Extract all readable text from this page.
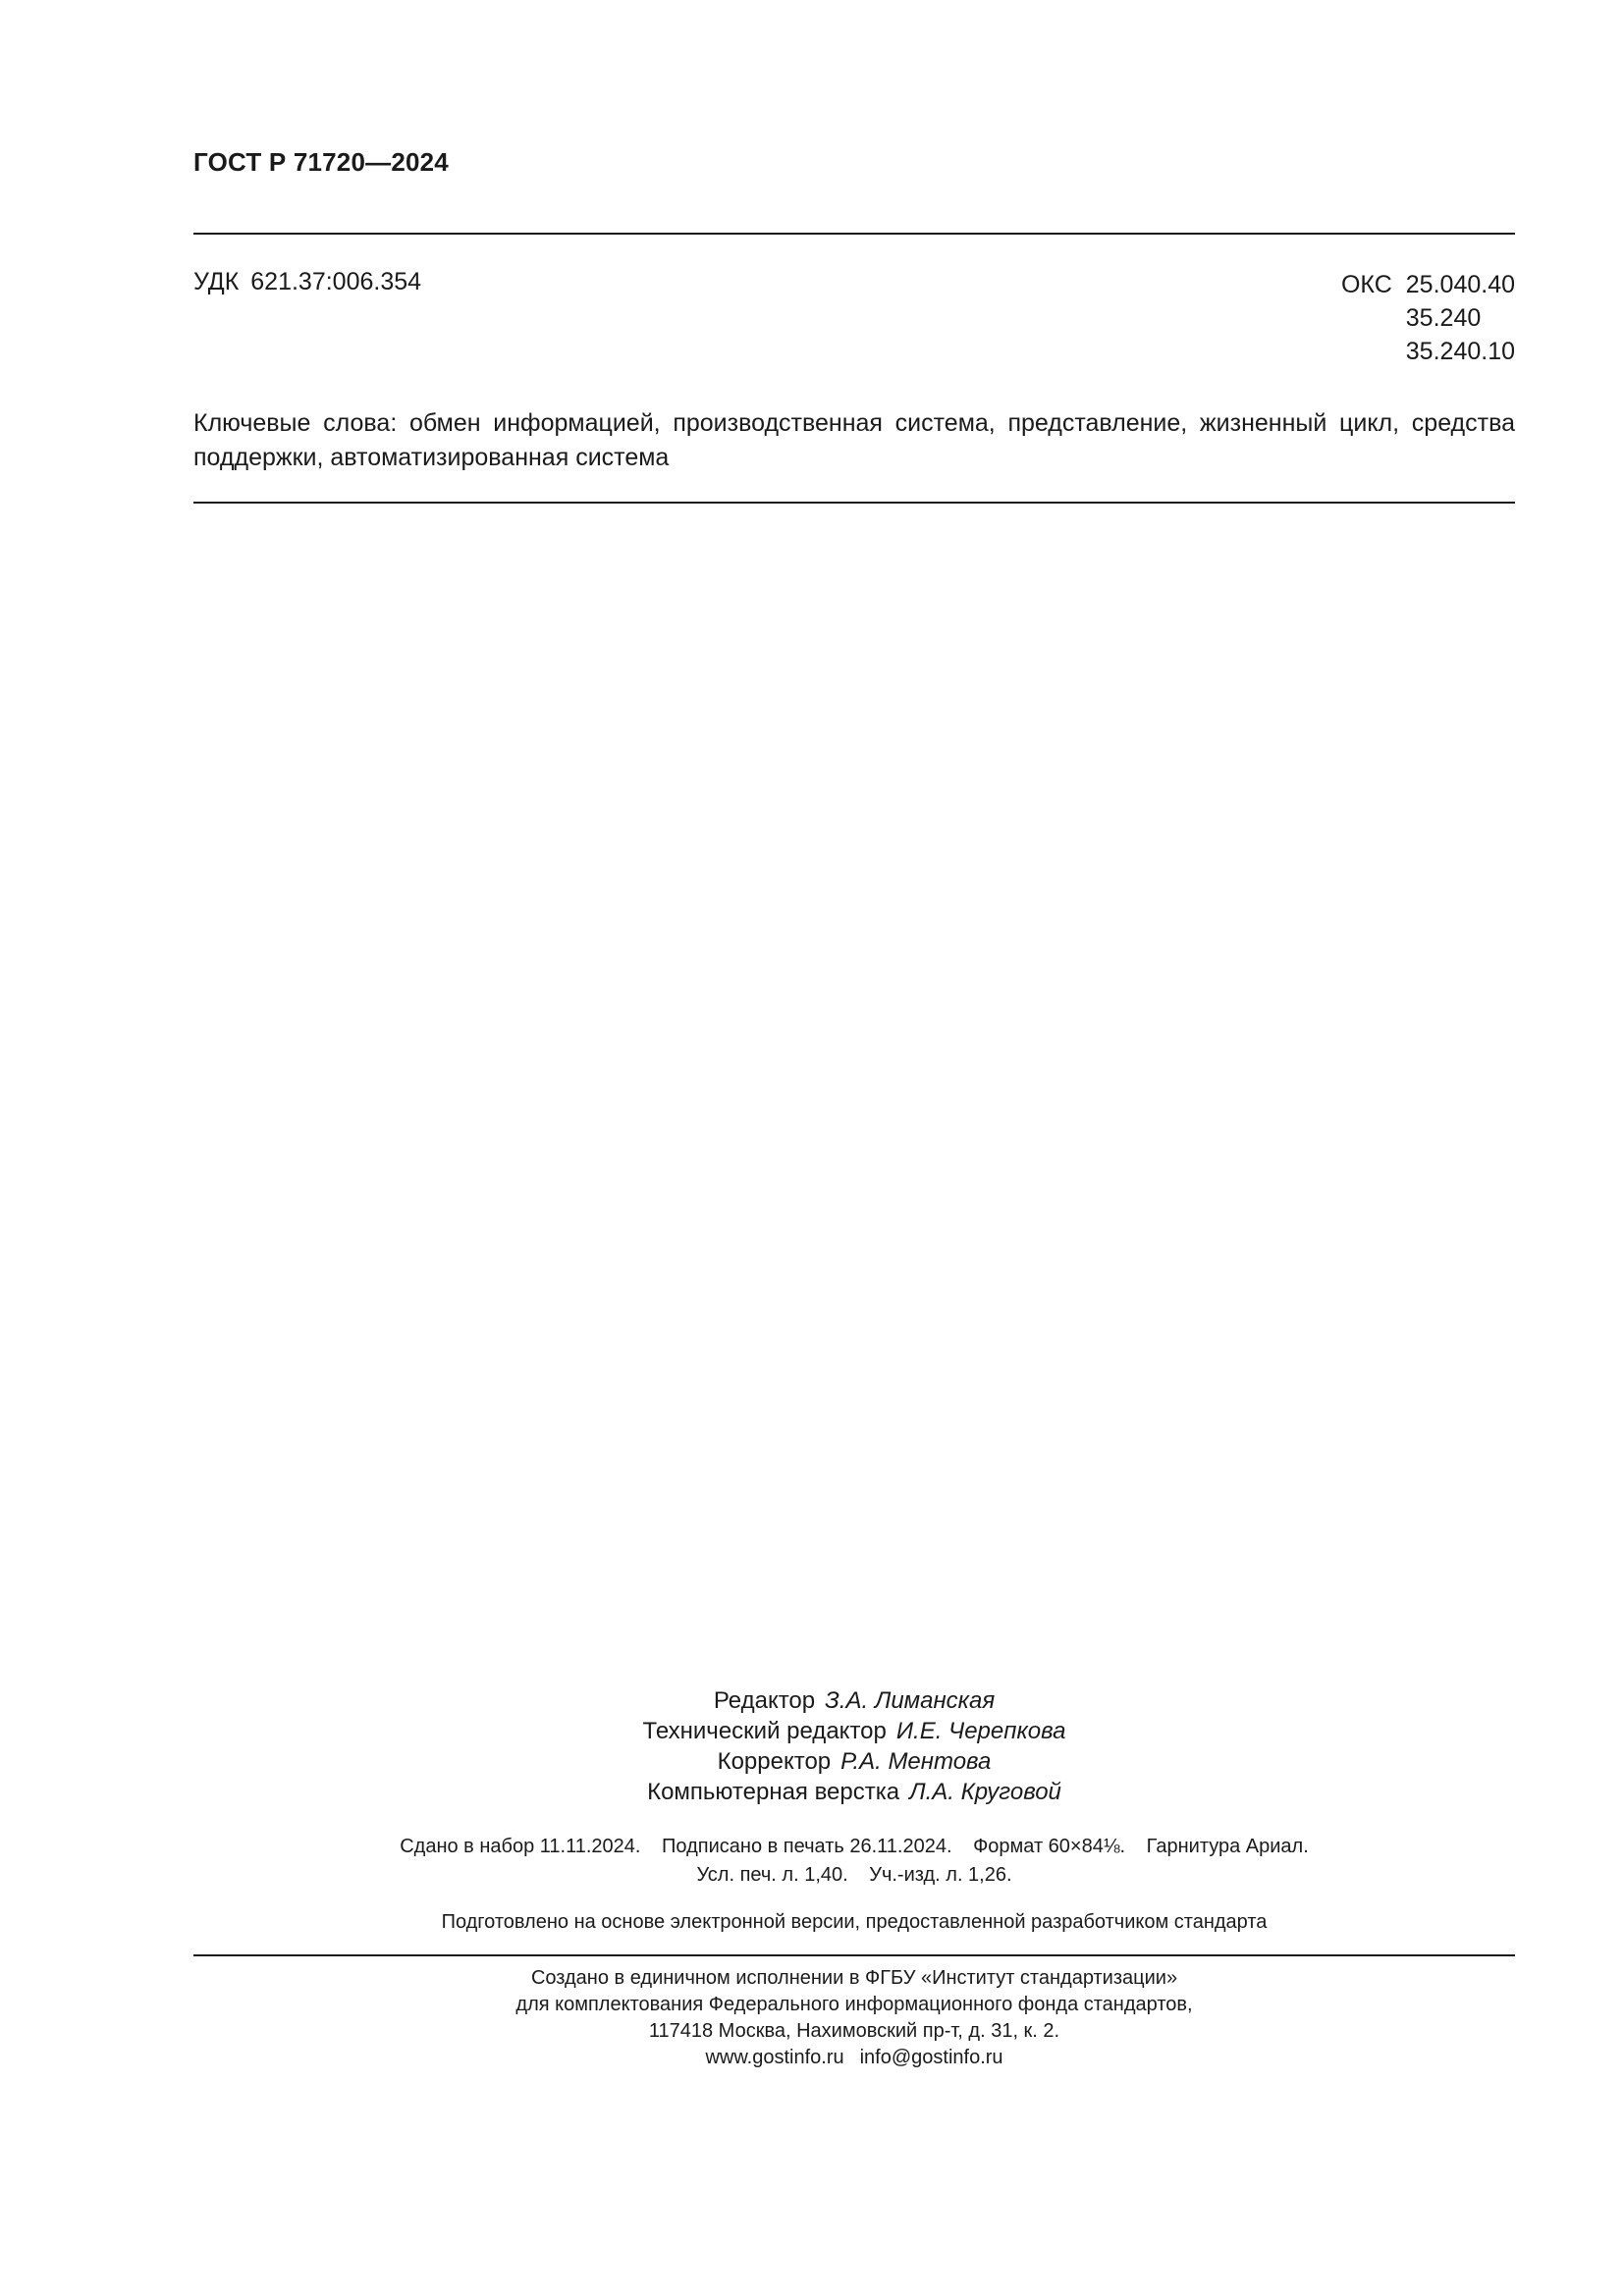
ГОСТ Р 71720—2024
УДК 621.37:006.354	ОКС 25.040.40
35.240
35.240.10
Ключевые слова: обмен информацией, производственная система, представление, жизненный цикл, средства поддержки, автоматизированная система
Редактор З.А. Лиманская
Технический редактор И.Е. Черепкова
Корректор Р.А. Ментова
Компьютерная верстка Л.А. Круговой
Сдано в набор 11.11.2024. Подписано в печать 26.11.2024. Формат 60×84⅛. Гарнитура Ариал.
Усл. печ. л. 1,40. Уч.-изд. л. 1,26.
Подготовлено на основе электронной версии, предоставленной разработчиком стандарта
Создано в единичном исполнении в ФГБУ «Институт стандартизации»
для комплектования Федерального информационного фонда стандартов,
117418 Москва, Нахимовский пр-т, д. 31, к. 2.
www.gostinfo.ru info@gostinfo.ru
